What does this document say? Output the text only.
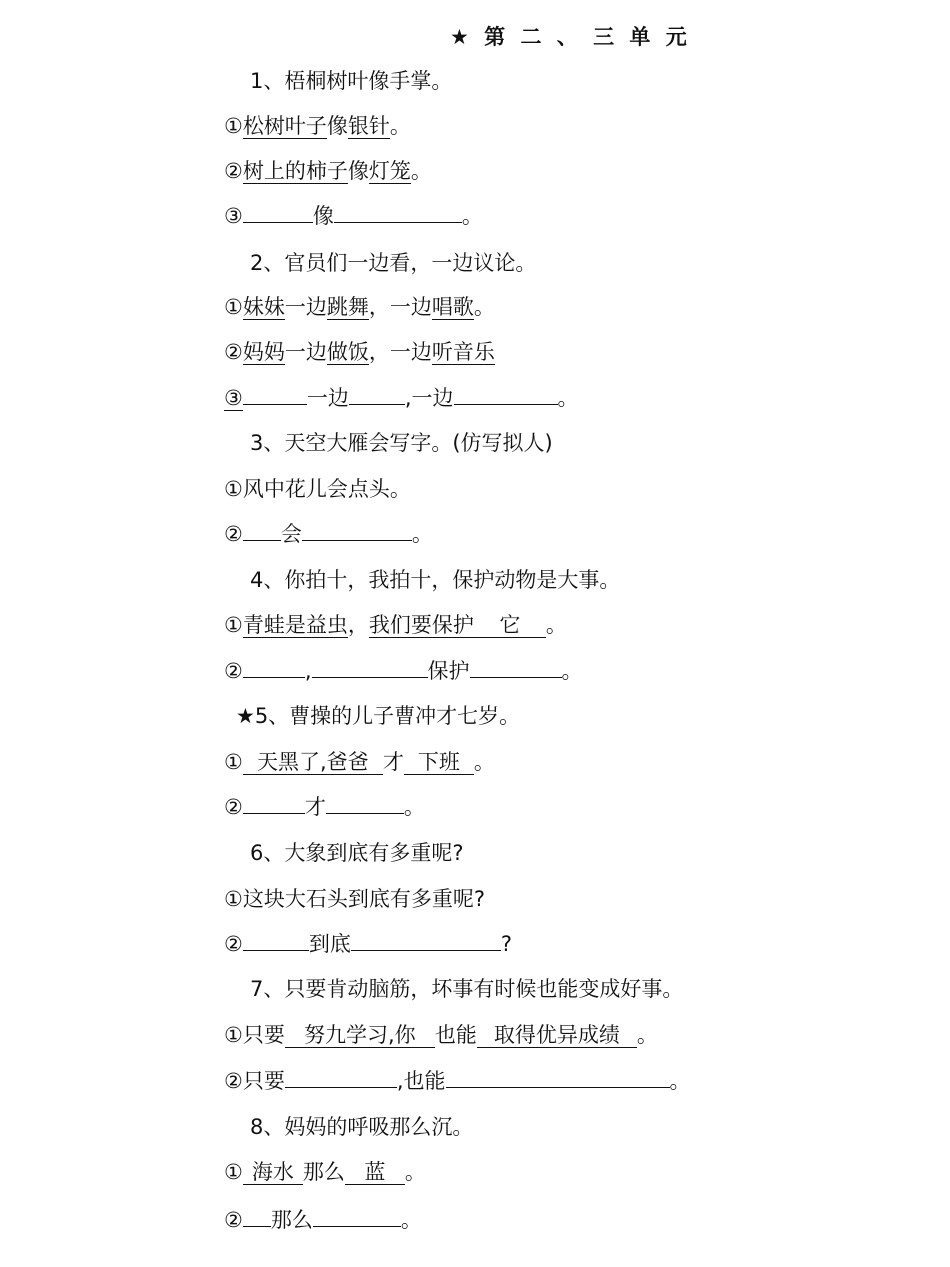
★ 第 二 、 三 单 元
1、梧桐树叶像手掌。
①松树叶子像银针。
②树上的柿子像灯笼。
③	像	。
2、官员们一边看，一边议论。
①妹妹一边跳舞，一边唱歌。
②妈妈一边做饭，一边听音乐
③	一边	,一边	。
3、天空大雁会写字。(仿写拟人)
①风中花儿会点头。
② 会	。
4、你拍十，我拍十，保护动物是大事。
①青蛙是益虫，我们要保护 它 。
②	,	保护	。
★5、曹操的儿子曹冲才七岁。
① 天黑了,爸爸 才 下班 。
②	才	。
6、大象到底有多重呢?
①这块大石头到底有多重呢?
②	到底	?
7、只要肯动脑筋，坏事有时候也能变成好事。
①只要 努九学习,你 也能 取得优异成绩 。
②只要	,也能	。
8、妈妈的呼吸那么沉。
① 海水 那么 蓝 。
② 那么	。
